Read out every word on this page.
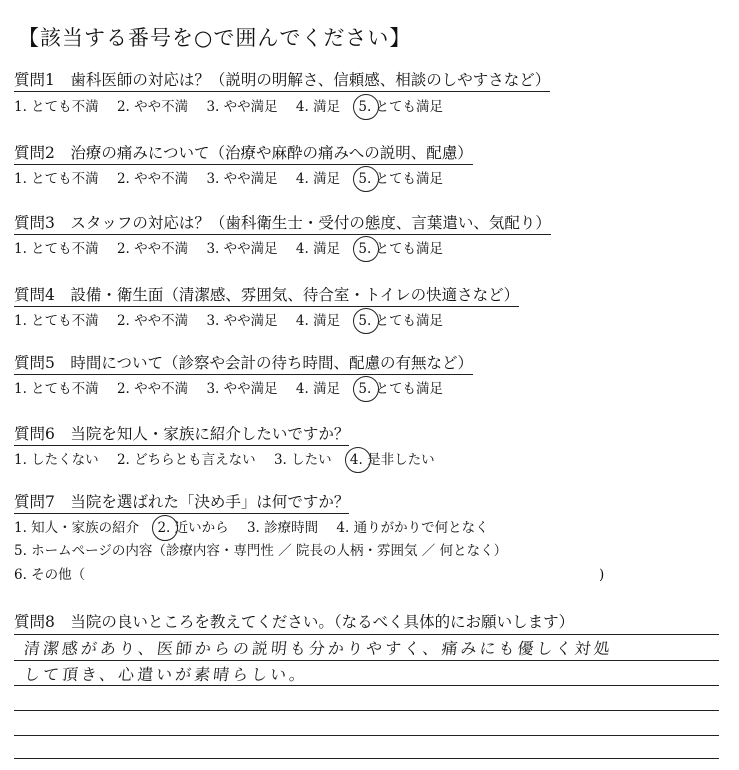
【該当する番号を○で囲んでください】
質問1　歯科医師の対応は？（説明の明解さ、信頼感、相談のしやすさなど）
1. とても不満 2. やや不満 3. やや満足 4. 満足 5. とても満足
質問2　治療の痛みについて（治療や麻酔の痛みへの説明、配慮）
1. とても不満 2. やや不満 3. やや満足 4. 満足 5. とても満足
質問3　スタッフの対応は？（歯科衛生士・受付の態度、言葉遣い、気配り）
1. とても不満 2. やや不満 3. やや満足 4. 満足 5. とても満足
質問4　設備・衛生面（清潔感、雰囲気、待合室・トイレの快適さなど）
1. とても不満 2. やや不満 3. やや満足 4. 満足 5. とても満足
質問5　時間について（診察や会計の待ち時間、配慮の有無など）
1. とても不満 2. やや不満 3. やや満足 4. 満足 5. とても満足
質問6　当院を知人・家族に紹介したいですか？
1. したくない 2. どちらとも言えない 3. したい 4. 是非したい
質問7　当院を選ばれた「決め手」は何ですか？
1. 知人・家族の紹介 2. 近いから 3. 診療時間 4. 通りがかりで何となく
5. ホームページの内容（診療内容・専門性 ／ 院長の人柄・雰囲気 ／ 何となく）
6. その他（	)
質問8　当院の良いところを教えてください。（なるべく具体的にお願いします）
清潔感があり、医師からの説明も分かりやすく、痛みにも優しく対処
して頂き、心遣いが素晴らしい。
